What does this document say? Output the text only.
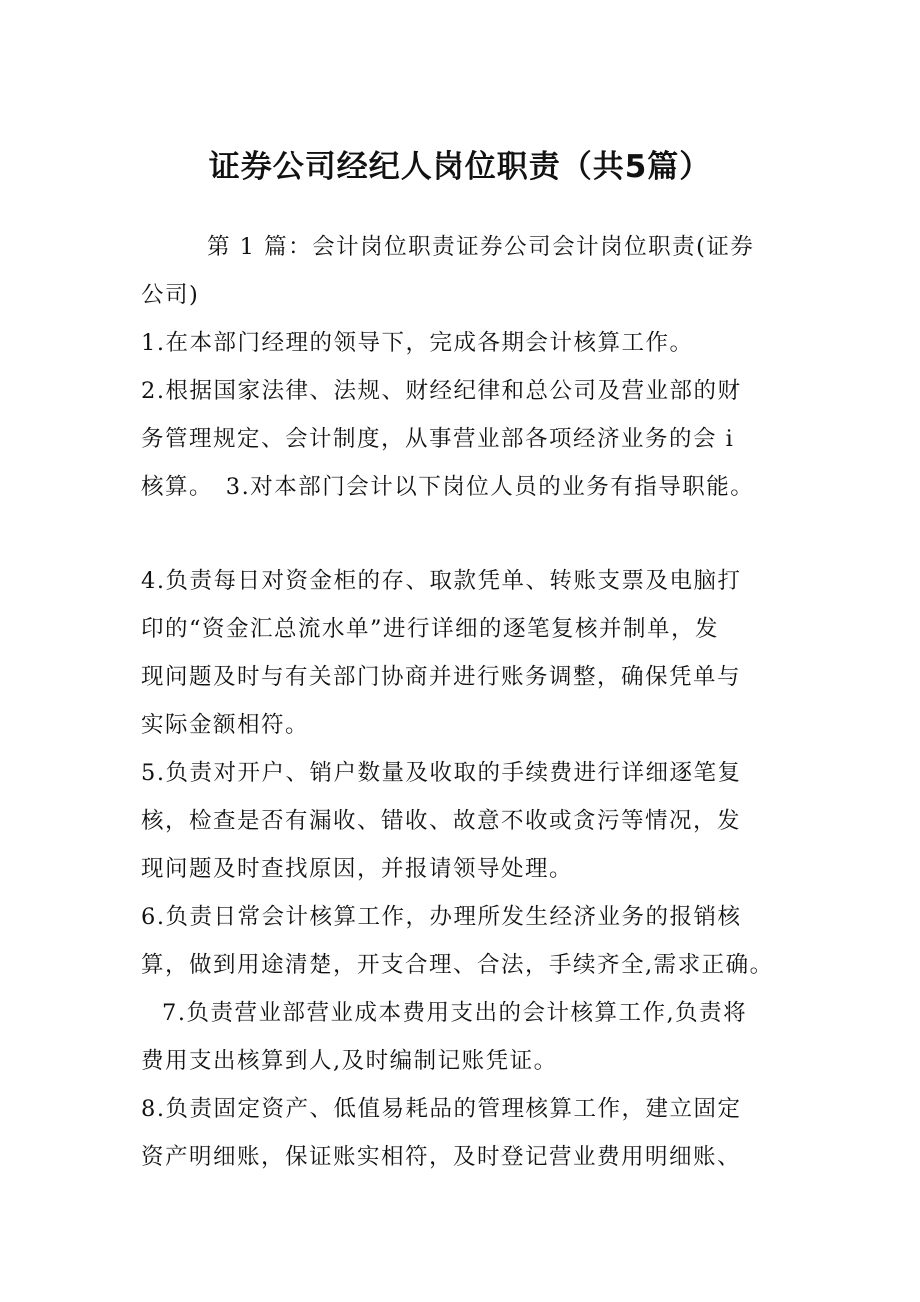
证券公司经纪人岗位职责（共5篇）
第 1 篇：会计岗位职责证券公司会计岗位职责(证券
公司)
1.在本部门经理的领导下，完成各期会计核算工作。
2.根据国家法律、法规、财经纪律和总公司及营业部的财
务管理规定、会计制度，从事营业部各项经济业务的会 i
核算。　3.对本部门会计以下岗位人员的业务有指导职能。
4.负责每日对资金柜的存、取款凭单、转账支票及电脑打
印的“资金汇总流水单”进行详细的逐笔复核并制单，发
现问题及时与有关部门协商并进行账务调整，确保凭单与
实际金额相符。
5.负责对开户、销户数量及收取的手续费进行详细逐笔复
核，检查是否有漏收、错收、故意不收或贪污等情况，发
现问题及时查找原因，并报请领导处理。
6.负责日常会计核算工作，办理所发生经济业务的报销核
算，做到用途清楚，开支合理、合法，手续齐全,需求正确。
7.负责营业部营业成本费用支出的会计核算工作,负责将
费用支出核算到人,及时编制记账凭证。
8.负责固定资产、低值易耗品的管理核算工作，建立固定
资产明细账，保证账实相符，及时登记营业费用明细账、
